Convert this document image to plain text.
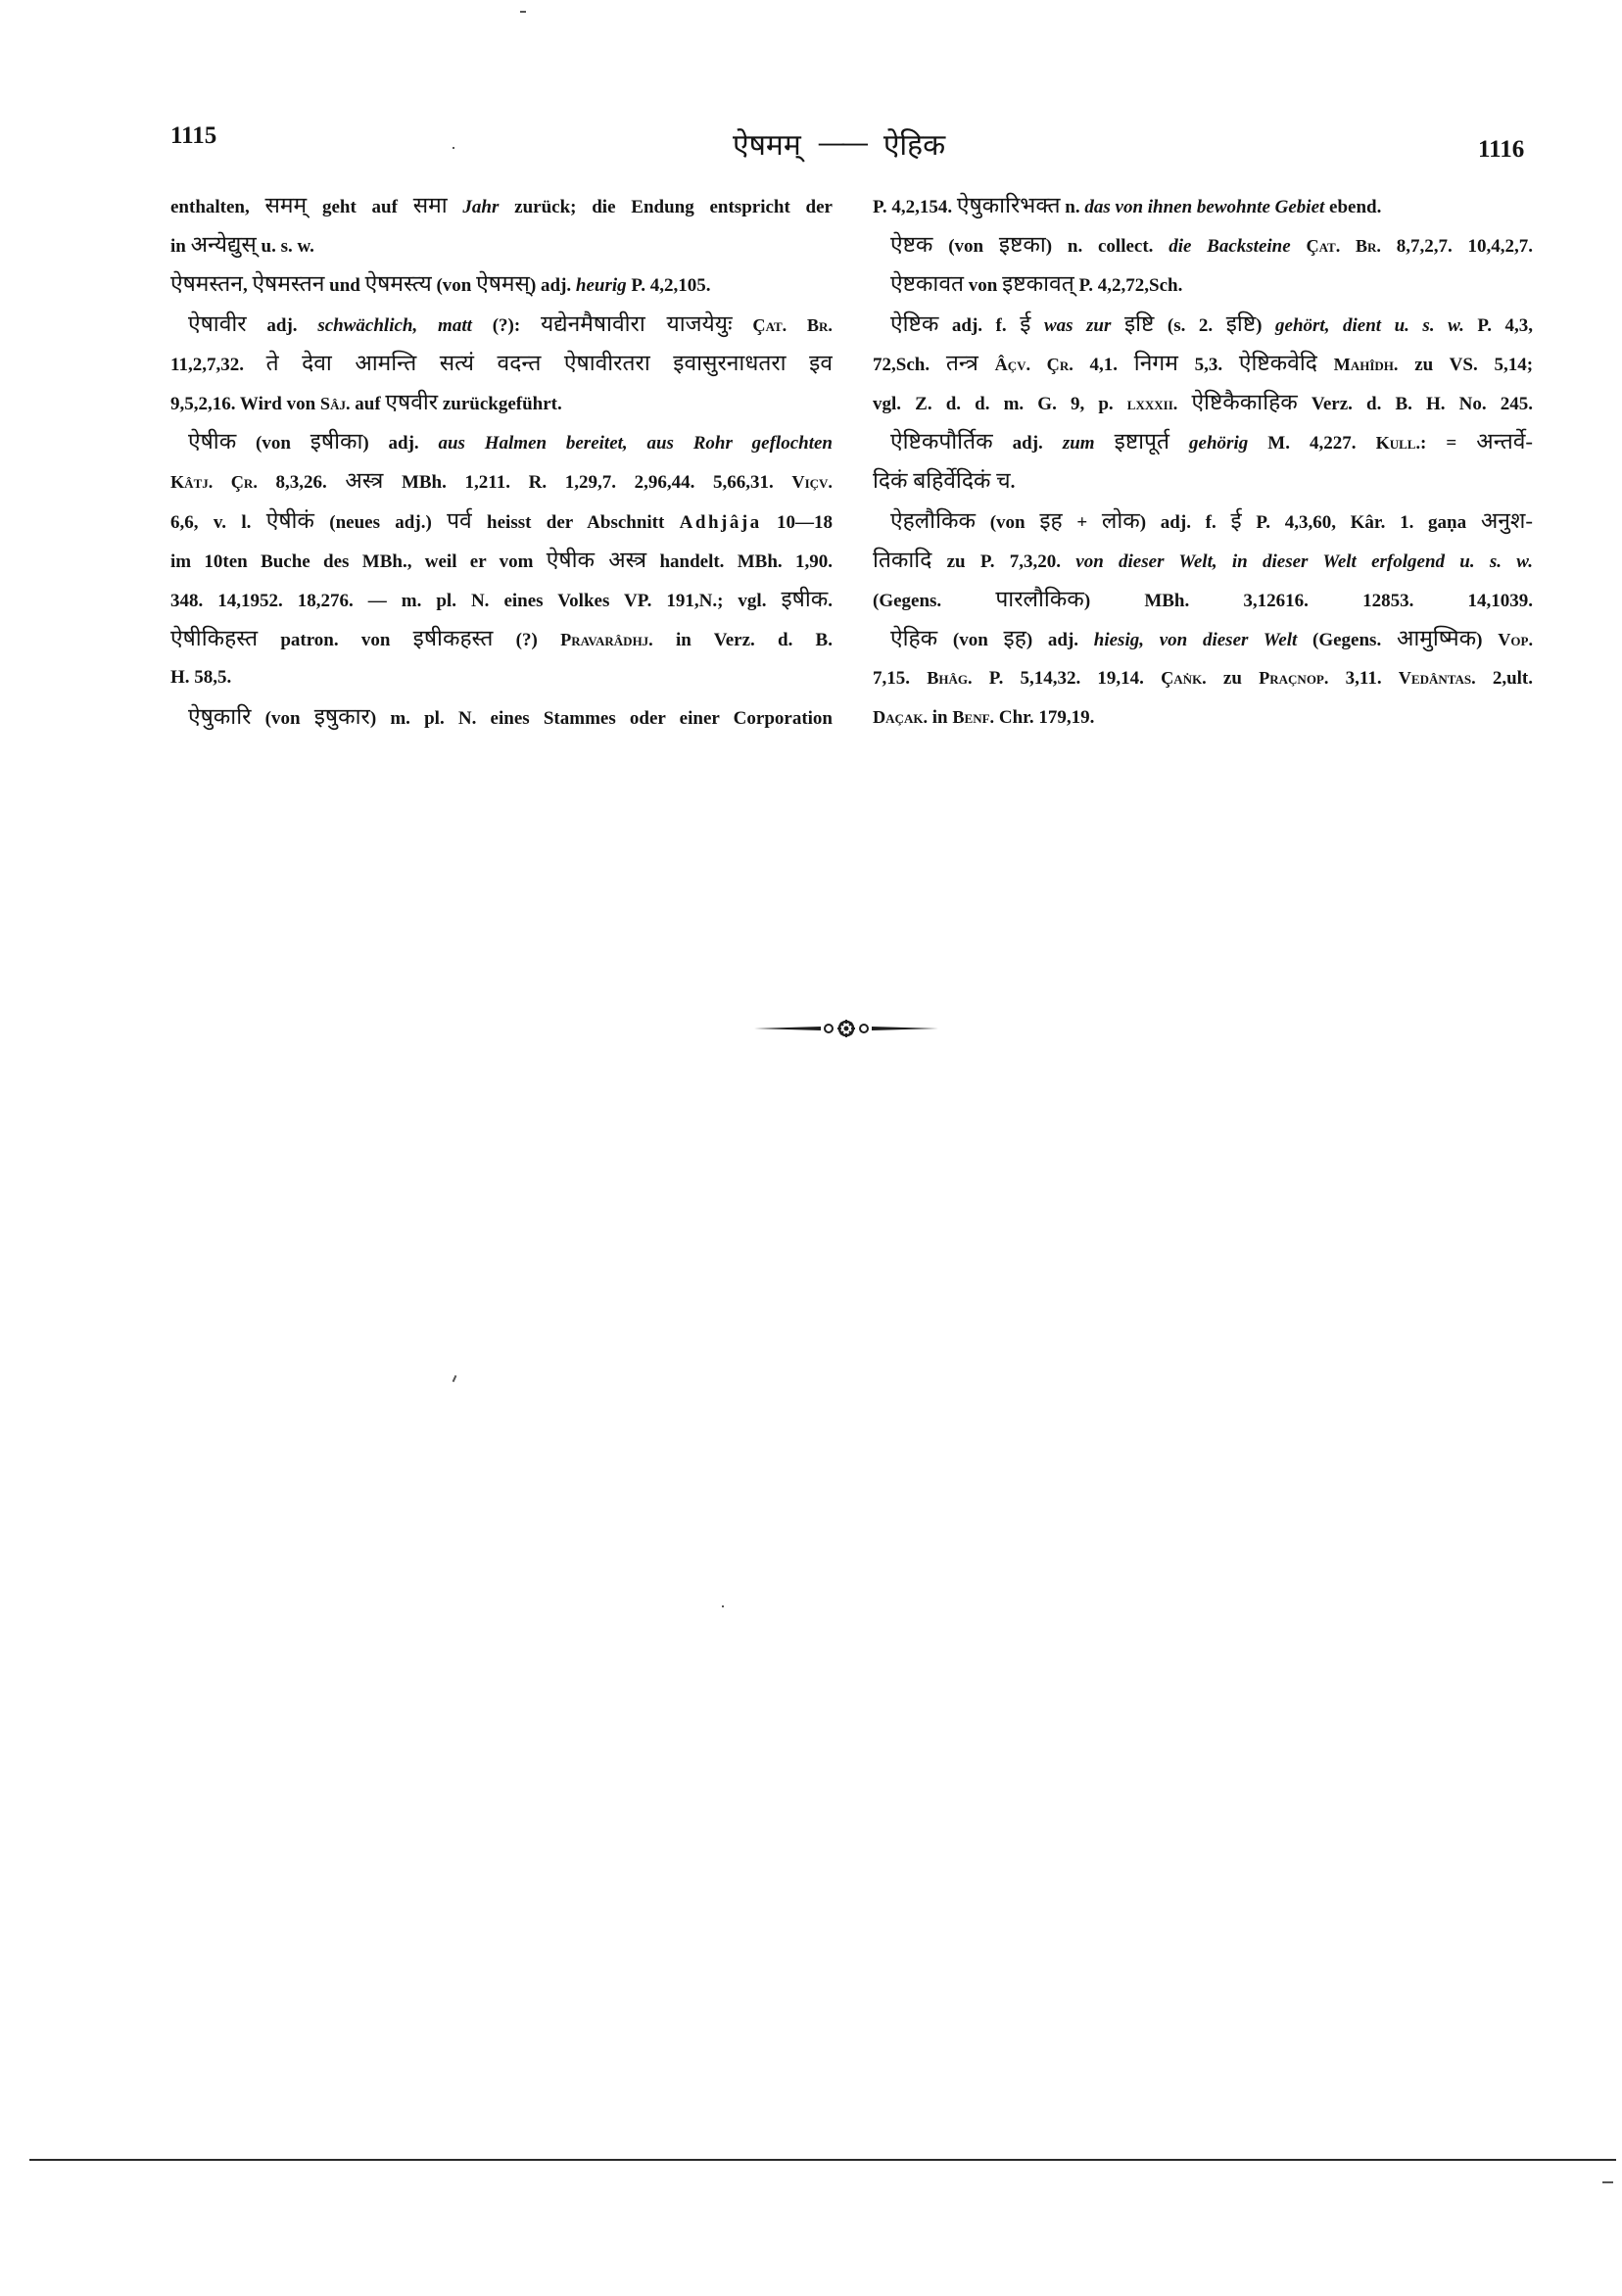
1115	ऐषमम् —— ऐहिक	1116
enthalten, समम् geht auf समा Jahr zurück; die Endung entspricht der
in अन्येद्युस् u. s. w.
ऐषमस्तन, ऐषमस्तन und ऐषमस्त्य (von ऐषमस्) adj. heurig P. 4,2,105.
ऐषावीर adj. schwächlich, matt (?): यद्येनमैषावीरा याजयेयुः Çat. Br.
11,2,7,32. ते देवा आमन्ति सत्यं वदन्त ऐषावीरतरा इवासुरनाधतरा इव
9,5,2,16. Wird von Sâj. auf एषवीर zurückgeführt.
ऐषीक (von इषीका) adj. aus Halmen bereitet, aus Rohr geflochten
Kâtj. Çr. 8,3,26. अस्त्र MBh. 1,211. R. 1,29,7. 2,96,44. 5,66,31. Viçv.
6,6, v. l. ऐषीकं (neues adj.) पर्व heisst der Abschnitt Adhjâja 10—18
im 10ten Buche des MBh., weil er vom ऐषीक अस्त्र handelt. MBh. 1,90.
348. 14,1952. 18,276. — m. pl. N. eines Volkes VP. 191,N.; vgl. इषीक.
ऐषीकिहस्त patron. von इषीकहस्त (?) Pravarâdhj. in Verz. d. B.
H. 58,5.
ऐषुकारि (von इषुकार) m. pl. N. eines Stammes oder einer Corporation
P. 4,2,154. ऐषुकारिभक्त n. das von ihnen bewohnte Gebiet ebend.
ऐष्टक (von इष्टका) n. collect. die Backsteine Çat. Br. 8,7,2,7. 10,4,2,7.
ऐष्टकावत von इष्टकावत् P. 4,2,72,Sch.
ऐष्टिक adj. f. ई was zur इष्टि (s. 2. इष्टि) gehört, dient u. s. w. P. 4,3,
72,Sch. तन्त्र Âçv. Çr. 4,1. निगम 5,3. ऐष्टिकवेदि Mahîdh. zu VS. 5,14;
vgl. Z. d. d. m. G. 9, p. lxxxii. ऐष्टिकैकाहिक Verz. d. B. H. No. 245.
ऐष्टिकपौर्तिक adj. zum इष्टापूर्त gehörig M. 4,227. Kull.: = अन्तर्वे-
दिकं बहिर्वेदिकं च.
ऐहलौकिक (von इह + लोक) adj. f. ई P. 4,3,60, Kâr. 1. gaṇa अनुश-
तिकादि zu P. 7,3,20. von dieser Welt, in dieser Welt erfolgend u. s. w.
(Gegens. पारलौकिक) MBh. 3,12616. 12853. 14,1039.
ऐहिक (von इह) adj. hiesig, von dieser Welt (Gegens. आमुष्मिक) Vop.
7,15. Bhâg. P. 5,14,32. 19,14. Çaṅk. zu Praçnop. 3,11. Vedântas. 2,ult.
Daçak. in Benf. Chr. 179,19.
